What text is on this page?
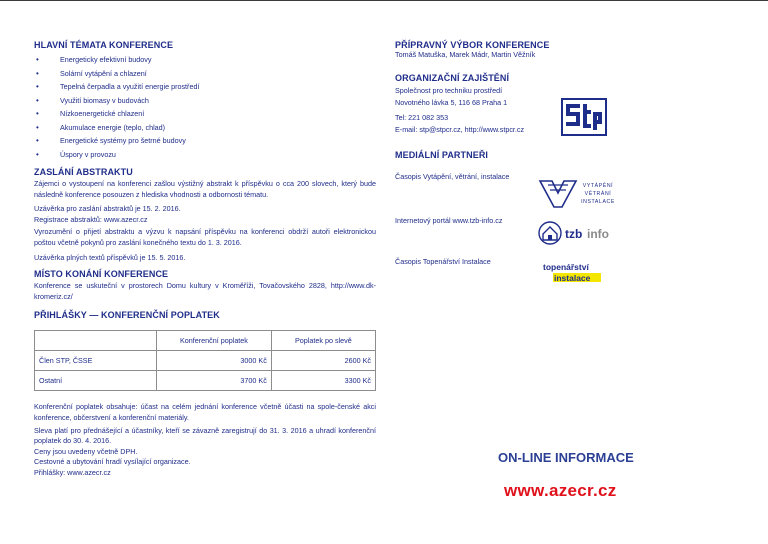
HLAVNÍ TÉMATA KONFERENCE
• Energeticky efektivní budovy
• Solární vytápění a chlazení
• Tepelná čerpadla a využití energie prostředí
• Využití biomasy v budovách
• Nízkoenergetické chlazení
• Akumulace energie (teplo, chlad)
• Energetické systémy pro šetrné budovy
• Úspory v provozu
ZASLÁNÍ ABSTRAKTU
Zájemci o vystoupení na konferenci zašlou výstižný abstrakt k příspěvku o cca 200 slovech, který bude následně konference posouzen z hlediska vhodnosti a odbornosti tématu.
Uzávěrka pro zaslání abstraktů je 15. 2. 2016.
Registrace abstraktů: www.azecr.cz
Vyrozumění o přijetí abstraktu a výzvu k napsání příspěvku na konferenci obdrží autoři elektronickou poštou včetně pokynů pro zaslání konečného textu do 1. 3. 2016.
Uzávěrka plných textů příspěvků je 15. 5. 2016.
MÍSTO KONÁNÍ KONFERENCE
Konference se uskuteční v prostorech Domu kultury v Kroměříži, Tovačovského 2828, http://www.dk-kromeriz.cz/
PŘIHLÁŠKY — KONFERENČNÍ POPLATEK
	Konferenční poplatek	Poplatek po slevě
Člen STP, ČSSE	3000 Kč	2600 Kč
Ostatní	3700 Kč	3300 Kč
Konferenční poplatek obsahuje: účast na celém jednání konference včetně účasti na spole-čenské akci konference, občerstvení a konferenční materiály.
Sleva platí pro přednášející a účastníky, kteří se závazně zaregistrují do 31. 3. 2016 a uhradí konferenční poplatek do 30. 4. 2016.
Ceny jsou uvedeny včetně DPH.
Cestovné a ubytování hradí vysílající organizace.
Přihlášky: www.azecr.cz
PŘÍPRAVNÝ VÝBOR KONFERENCE
Tomáš Matuška, Marek Mádr, Martin Věžník
ORGANIZAČNÍ ZAJIŠTĚNÍ
Společnost pro techniku prostředí
Novotného lávka 5, 116 68 Praha 1
Tel: 221 082 353
E-mail: stp@stpcr.cz, http://www.stpcr.cz
MEDIÁLNÍ PARTNEŘI
Časopis Vytápění, větrání, instalace
Internetový portál www.tzb-info.cz
Časopis Topenářství Instalace
VYTÁPĚNÍ
VĚTRÁNÍ
INSTALACE
tzb info
topenářství
instalace
ON-LINE INFORMACE
www.azecr.cz
